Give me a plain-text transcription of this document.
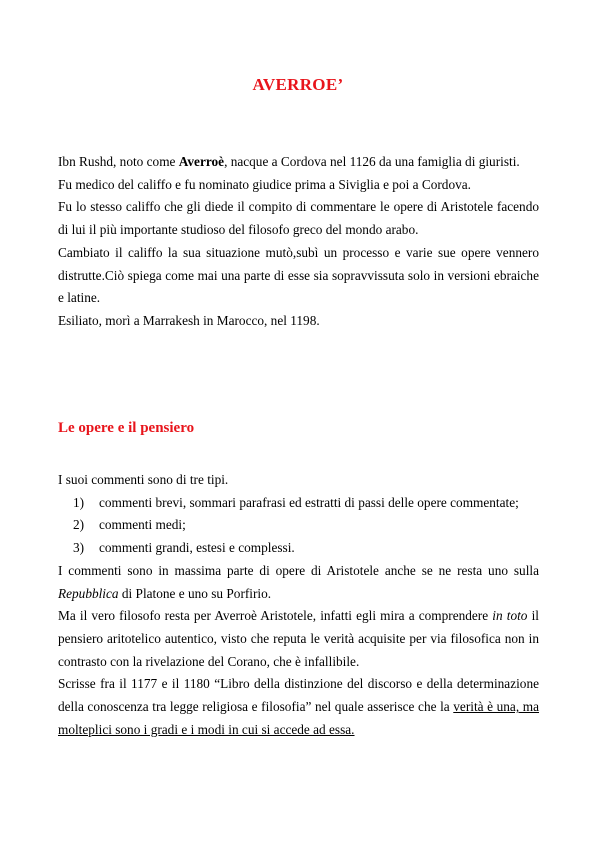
AVERROE’

Ibn Rushd, noto come Averroè, nacque a Cordova nel 1126 da una famiglia di giuristi.

Fu medico del califfo e fu nominato giudice prima a Siviglia e poi a Cordova.

Fu lo stesso califfo che gli diede il compito di commentare le opere di Aristotele facendo di lui il più importante studioso del filosofo greco del mondo arabo.

Cambiato il califfo la sua situazione mutò,subì un processo e varie sue opere vennero distrutte.Ciò spiega come mai una parte di esse sia sopravvissuta solo in versioni ebraiche e latine.

Esiliato, morì a Marrakesh in Marocco, nel 1198.

Le opere e il pensiero

I suoi commenti sono di tre tipi.

1) commenti brevi, sommari parafrasi ed estratti di passi delle opere commentate;
2) commenti medi;
3) commenti grandi, estesi e complessi.

I commenti sono in massima parte di opere di Aristotele anche se ne resta uno sulla Repubblica di Platone e uno su Porfirio.

Ma il vero filosofo resta per Averroè Aristotele, infatti egli mira a comprendere in toto il pensiero aritotelico autentico, visto che reputa le verità acquisite per via filosofica non in contrasto con la rivelazione del Corano, che è infallibile.

Scrisse fra il 1177 e il 1180 “Libro della distinzione del discorso e della determinazione della conoscenza tra legge religiosa e filosofia” nel quale asserisce che la verità è una, ma molteplici sono i gradi e i modi in cui si accede ad essa.
